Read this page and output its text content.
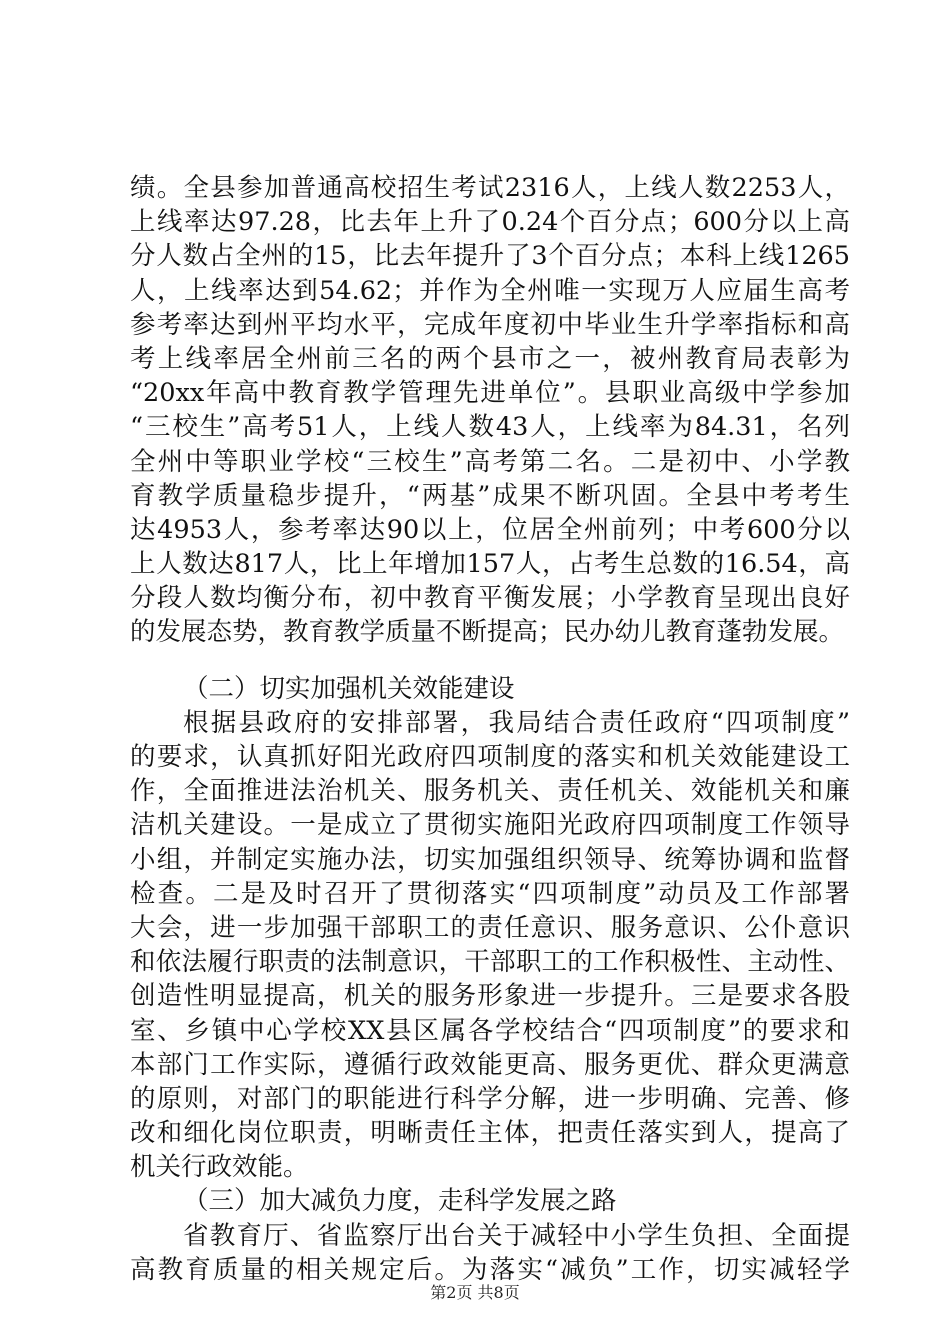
绩。全县参加普通高校招生考试2316人，上线人数2253人，
上线率达97.28，比去年上升了0.24个百分点；600分以上高
分人数占全州的15，比去年提升了3个百分点；本科上线1265
人，上线率达到54.62；并作为全州唯一实现万人应届生高考
参考率达到州平均水平，完成年度初中毕业生升学率指标和高
考上线率居全州前三名的两个县市之一，被州教育局表彰为
“20xx年高中教育教学管理先进单位”。县职业高级中学参加
“三校生”高考51人，上线人数43人，上线率为84.31，名列
全州中等职业学校“三校生”高考第二名。二是初中、小学教
育教学质量稳步提升，“两基”成果不断巩固。全县中考考生
达4953人，参考率达90以上，位居全州前列；中考600分以
上人数达817人，比上年增加157人，占考生总数的16.54，高
分段人数均衡分布，初中教育平衡发展；小学教育呈现出良好
的发展态势，教育教学质量不断提高；民办幼儿教育蓬勃发展。
（二）切实加强机关效能建设
根据县政府的安排部署，我局结合责任政府“四项制度”
的要求，认真抓好阳光政府四项制度的落实和机关效能建设工
作，全面推进法治机关、服务机关、责任机关、效能机关和廉
洁机关建设。一是成立了贯彻实施阳光政府四项制度工作领导
小组，并制定实施办法，切实加强组织领导、统筹协调和监督
检查。二是及时召开了贯彻落实“四项制度”动员及工作部署
大会，进一步加强干部职工的责任意识、服务意识、公仆意识
和依法履行职责的法制意识，干部职工的工作积极性、主动性、
创造性明显提高，机关的服务形象进一步提升。三是要求各股
室、乡镇中心学校XX县区属各学校结合“四项制度”的要求和
本部门工作实际，遵循行政效能更高、服务更优、群众更满意
的原则，对部门的职能进行科学分解，进一步明确、完善、修
改和细化岗位职责，明晰责任主体，把责任落实到人，提高了
机关行政效能。
（三）加大减负力度，走科学发展之路
省教育厅、省监察厅出台关于减轻中小学生负担、全面提
高教育质量的相关规定后。为落实“减负”工作，切实减轻学
第2页 共8页
